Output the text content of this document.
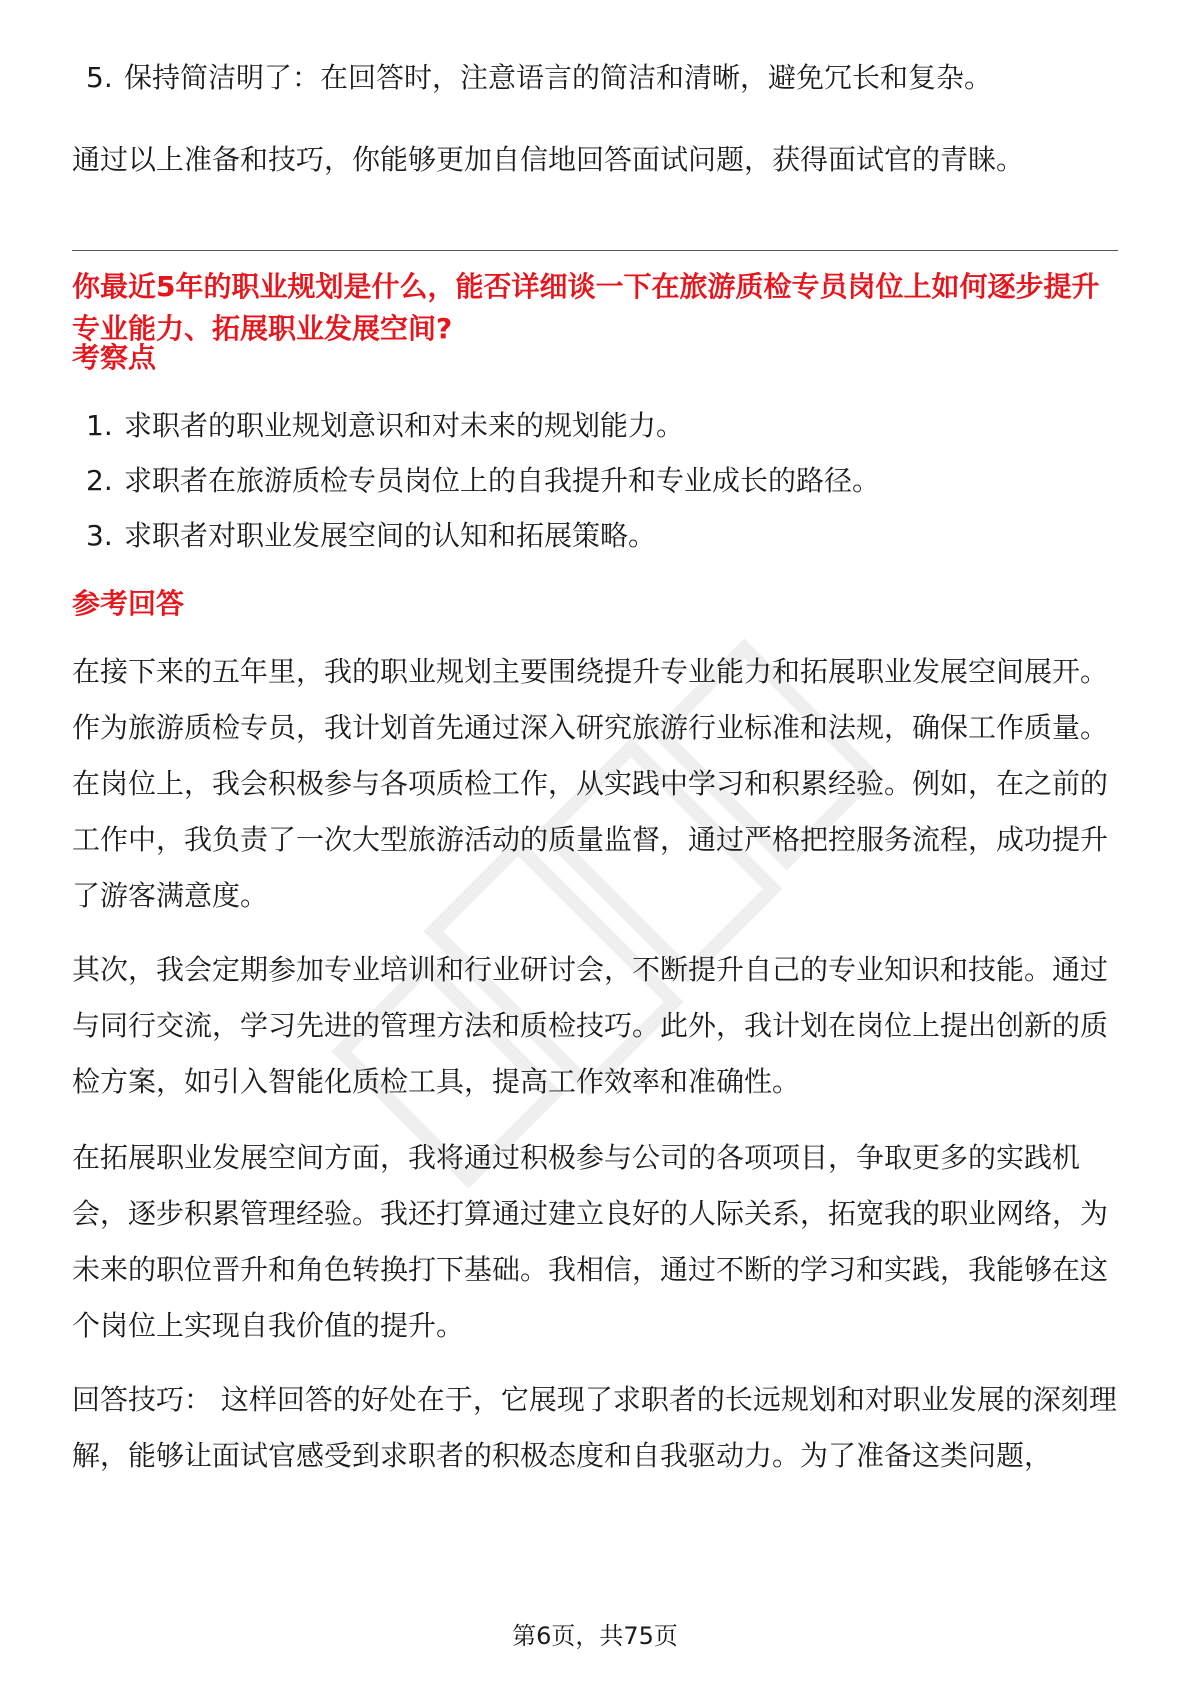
5. 保持简洁明了：在回答时，注意语言的简洁和清晰，避免冗长和复杂。
通过以上准备和技巧，你能够更加自信地回答面试问题，获得面试官的青睐。
你最近5年的职业规划是什么，能否详细谈一下在旅游质检专员岗位上如何逐步提升专业能力、拓展职业发展空间?
考察点
1. 求职者的职业规划意识和对未来的规划能力。
2. 求职者在旅游质检专员岗位上的自我提升和专业成长的路径。
3. 求职者对职业发展空间的认知和拓展策略。
参考回答
在接下来的五年里，我的职业规划主要围绕提升专业能力和拓展职业发展空间展开。作为旅游质检专员，我计划首先通过深入研究旅游行业标准和法规，确保工作质量。在岗位上，我会积极参与各项质检工作，从实践中学习和积累经验。例如，在之前的工作中，我负责了一次大型旅游活动的质量监督，通过严格把控服务流程，成功提升了游客满意度。
其次，我会定期参加专业培训和行业研讨会，不断提升自己的专业知识和技能。通过与同行交流，学习先进的管理方法和质检技巧。此外，我计划在岗位上提出创新的质检方案，如引入智能化质检工具，提高工作效率和准确性。
在拓展职业发展空间方面，我将通过积极参与公司的各项项目，争取更多的实践机会，逐步积累管理经验。我还打算通过建立良好的人际关系，拓宽我的职业网络，为未来的职位晋升和角色转换打下基础。我相信，通过不断的学习和实践，我能够在这个岗位上实现自我价值的提升。
回答技巧： 这样回答的好处在于，它展现了求职者的长远规划和对职业发展的深刻理解，能够让面试官感受到求职者的积极态度和自我驱动力。为了准备这类问题，
第6页，共75页
